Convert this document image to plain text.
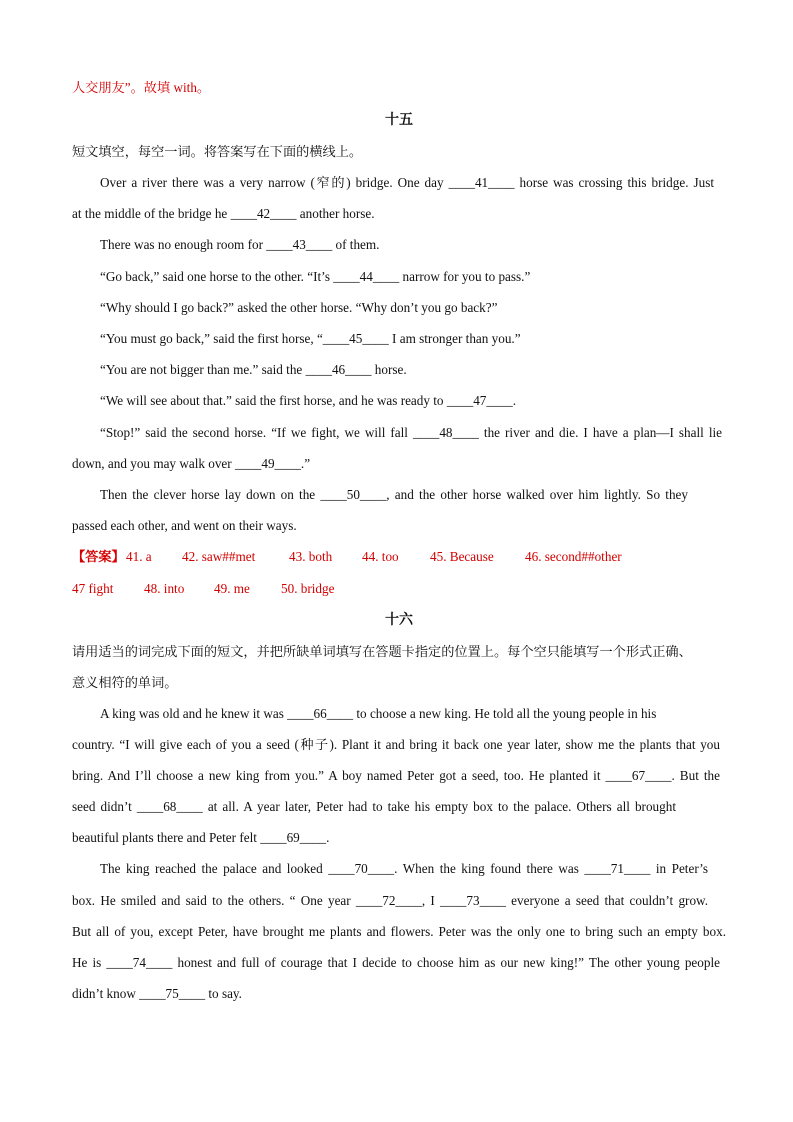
人交朋友”。故填 with。
十五
短文填空，每空一词。将答案写在下面的横线上。
Over a river there was a very narrow (窄的) bridge. One day ____41____ horse was crossing this bridge. Just
at the middle of the bridge he ____42____ another horse.
There was no enough room for ____43____ of them.
“Go back,” said one horse to the other. “It’s ____44____ narrow for you to pass.”
“Why should I go back?” asked the other horse. “Why don’t you go back?”
“You must go back,” said the first horse, “____45____ I am stronger than you.”
“You are not bigger than me.” said the ____46____ horse.
“We will see about that.” said the first horse, and he was ready to ____47____.
“Stop!” said the second horse. “If we fight, we will fall ____48____ the river and die. I have a plan—I shall lie
down, and you may walk over ____49____.”
Then the clever horse lay down on the ____50____, and the other horse walked over him lightly. So they
passed each other, and went on their ways.
【答案】 41. a 42. saw##met	43. both 44. too 45. Because 46. second##other
47 fight 48. into 49. me 50. bridge
十六
请用适当的词完成下面的短文，并把所缺单词填写在答题卡指定的位置上。每个空只能填写一个形式正确、
意义相符的单词。
A king was old and he knew it was ____66____ to choose a new king. He told all the young people in his
country. “I will give each of you a seed (种子). Plant it and bring it back one year later, show me the plants that you
bring. And I’ll choose a new king from you.” A boy named Peter got a seed, too. He planted it ____67____. But the
seed didn’t ____68____ at all. A year later, Peter had to take his empty box to the palace. Others all brought
beautiful plants there and Peter felt ____69____.
The king reached the palace and looked ____70____. When the king found there was ____71____ in Peter’s
box. He smiled and said to the others. “ One year ____72____, I ____73____ everyone a seed that couldn’t grow.
But all of you, except Peter, have brought me plants and flowers. Peter was the only one to bring such an empty box.
He is ____74____ honest and full of courage that I decide to choose him as our new king!” The other young people
didn’t know ____75____ to say.
